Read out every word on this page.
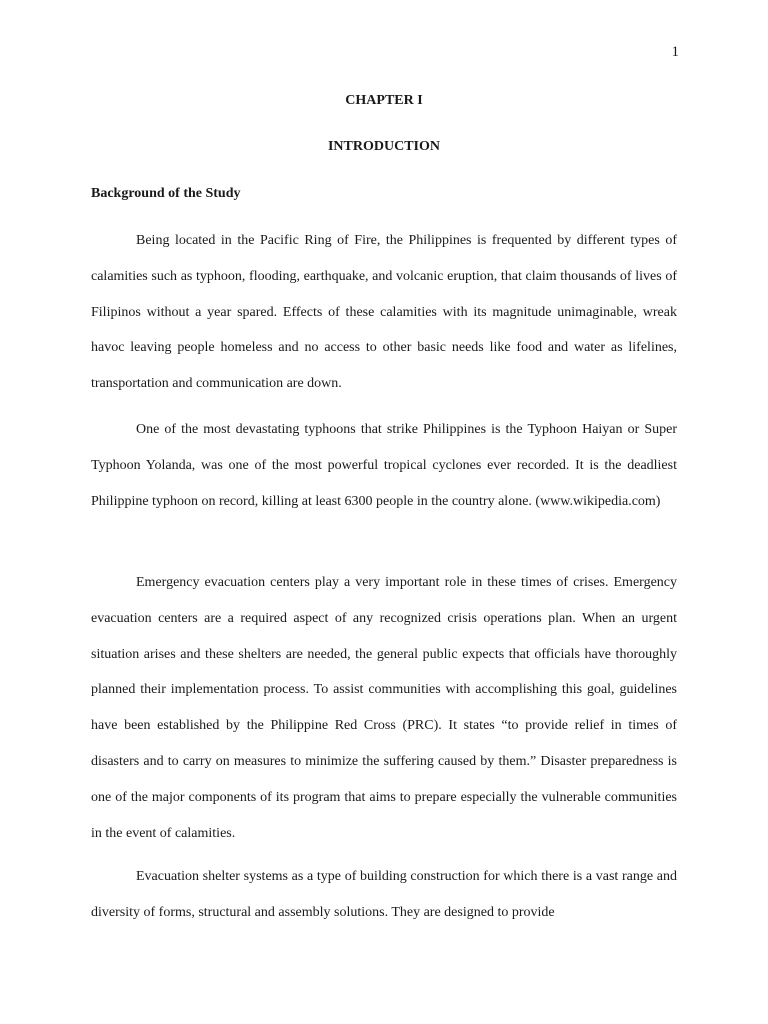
1
CHAPTER I
INTRODUCTION
Background of the Study

Being located in the Pacific Ring of Fire, the Philippines is frequented by different types of calamities such as typhoon, flooding, earthquake, and volcanic eruption, that claim thousands of lives of Filipinos without a year spared. Effects of these calamities with its magnitude unimaginable, wreak havoc leaving people homeless and no access to other basic needs like food and water as lifelines, transportation and communication are down.

One of the most devastating typhoons that strike Philippines is the Typhoon Haiyan or Super Typhoon Yolanda, was one of the most powerful tropical cyclones ever recorded. It is the deadliest Philippine typhoon on record, killing at least 6300 people in the country alone. (www.wikipedia.com)

Emergency evacuation centers play a very important role in these times of crises. Emergency evacuation centers are a required aspect of any recognized crisis operations plan. When an urgent situation arises and these shelters are needed, the general public expects that officials have thoroughly planned their implementation process. To assist communities with accomplishing this goal, guidelines have been established by the Philippine Red Cross (PRC). It states “to provide relief in times of disasters and to carry on measures to minimize the suffering caused by them.” Disaster preparedness is one of the major components of its program that aims to prepare especially the vulnerable communities in the event of calamities.

Evacuation shelter systems as a type of building construction for which there is a vast range and diversity of forms, structural and assembly solutions. They are designed to provide
